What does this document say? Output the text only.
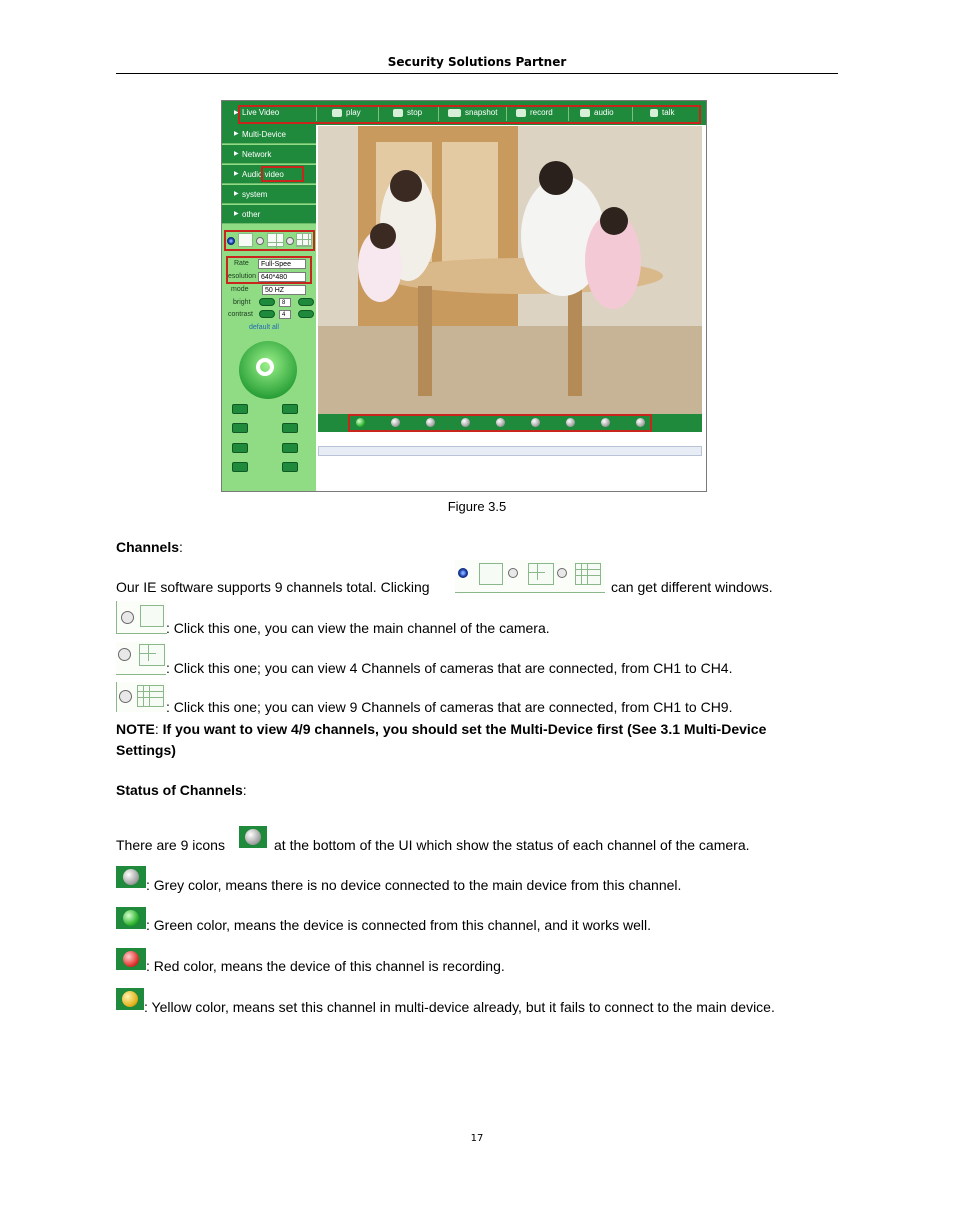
Security Solutions Partner
▶ Live Video	play	stop	snapshot	record	audio	talk
▶ Multi-Device
▶ Network
▶ Audio video
▶ system
▶ other
Rate	Full-Spee
esolution 640*480
mode	50 HZ
bright	8
contrast	4
default all
Figure 3.5
Channels:
Our IE software supports 9 channels total. Clicking	can get different windows.
: Click this one, you can view the main channel of the camera.
: Click this one; you can view 4 Channels of cameras that are connected, from CH1 to CH4.
: Click this one; you can view 9 Channels of cameras that are connected, from CH1 to CH9.
NOTE: If you want to view 4/9 channels, you should set the Multi-Device first (See 3.1 Multi-Device
Settings)
Status of Channels:
There are 9 icons	at the bottom of the UI which show the status of each channel of the camera.
: Grey color, means there is no device connected to the main device from this channel.
: Green color, means the device is connected from this channel, and it works well.
: Red color, means the device of this channel is recording.
: Yellow color, means set this channel in multi-device already, but it fails to connect to the main device.
17
